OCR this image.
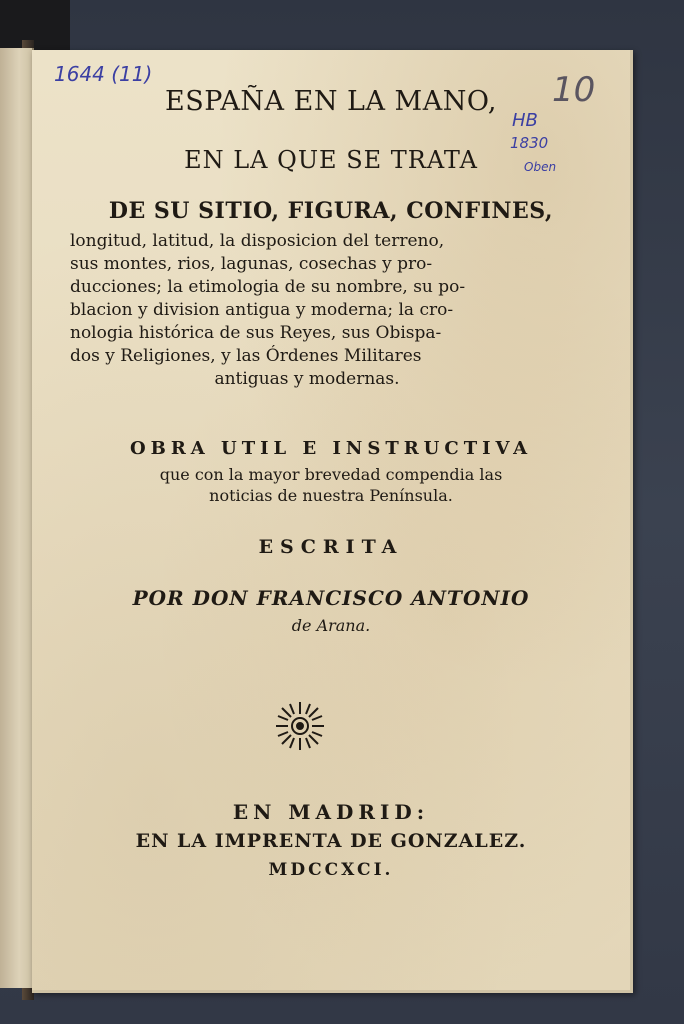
1644 (11)	10
HB
1830
Oben
ESPAÑA EN LA MANO,
EN LA QUE SE TRATA
DE SU SITIO, FIGURA, CONFINES,
longitud, latitud, la disposicion del terreno,
sus montes, rios, lagunas, cosechas y pro-
ducciones; la etimologia de su nombre, su po-
blacion y division antigua y moderna; la cro-
nologia histórica de sus Reyes, sus Obispa-
dos y Religiones, y las Órdenes Militares
antiguas y modernas.
OBRA UTIL E INSTRUCTIVA
que con la mayor brevedad compendia las
noticias de nuestra Península.
ESCRITA
POR DON FRANCISCO ANTONIO
de Arana.
EN MADRID:
EN LA IMPRENTA DE GONZALEZ.
MDCCXCI.
